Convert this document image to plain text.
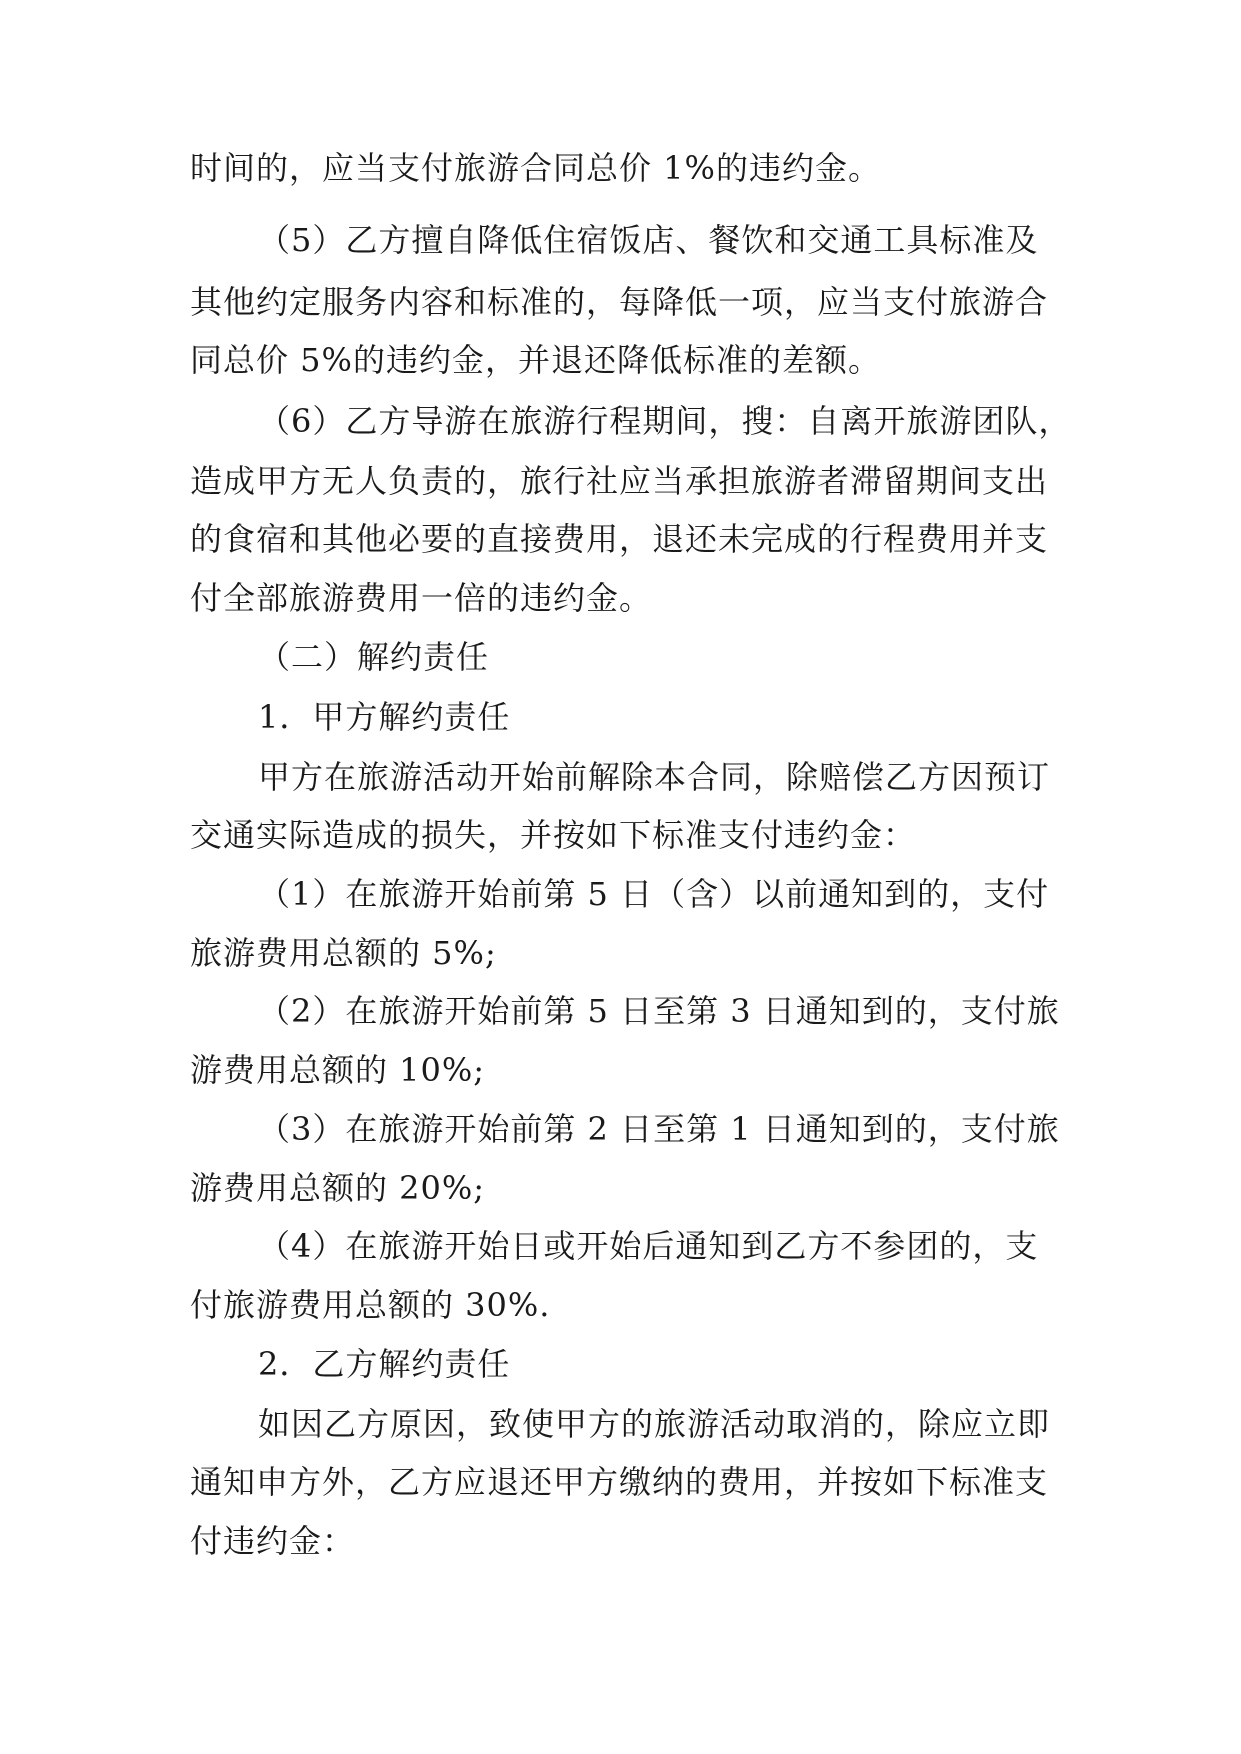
时间的，应当支付旅游合同总价 1%的违约金。
（5）乙方擅自降低住宿饭店、餐饮和交通工具标准及
其他约定服务内容和标准的，每降低一项，应当支付旅游合
同总价 5%的违约金，并退还降低标准的差额。
（6）乙方导游在旅游行程期间，搜：自离开旅游团队，
造成甲方无人负责的，旅行社应当承担旅游者滞留期间支出
的食宿和其他必要的直接费用，退还未完成的行程费用并支
付全部旅游费用一倍的违约金。
（二）解约责任
1．甲方解约责任
甲方在旅游活动开始前解除本合同，除赔偿乙方因预订
交通实际造成的损失，并按如下标准支付违约金：
（1）在旅游开始前第 5 日（含）以前通知到的，支付
旅游费用总额的 5%;
（2）在旅游开始前第 5 日至第 3 日通知到的，支付旅
游费用总额的 10%;
（3）在旅游开始前第 2 日至第 1 日通知到的，支付旅
游费用总额的 20%;
（4）在旅游开始日或开始后通知到乙方不参团的，支
付旅游费用总额的 30%.
2．乙方解约责任
如因乙方原因，致使甲方的旅游活动取消的，除应立即
通知申方外，乙方应退还甲方缴纳的费用，并按如下标准支
付违约金：
